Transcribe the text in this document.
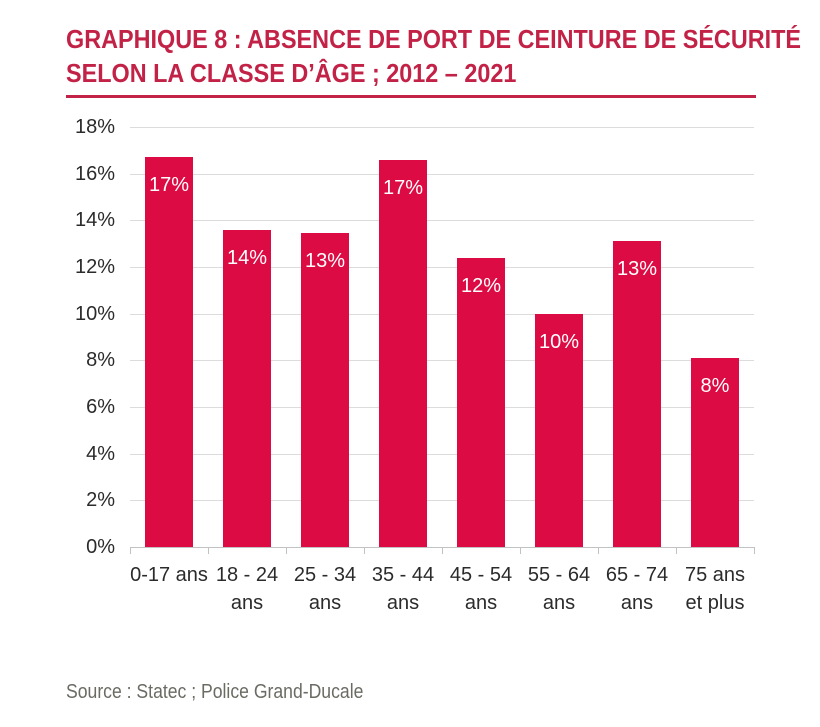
GRAPHIQUE 8 : ABSENCE DE PORT DE CEINTURE DE SÉCURITÉ
SELON LA CLASSE D’ÂGE ; 2012 – 2021
18%
16%
14%
12%
10%
8%
6%
4%
2%
0%
17%
14% 13%
17%
12%
10%
13%
8%
0-17 ans 18 - 24
ans
25 - 34
ans
35 - 44
ans
45 - 54
ans
55 - 64
ans
65 - 74
ans
75 ans
et plus

Source : Statec ; Police Grand-Ducale
